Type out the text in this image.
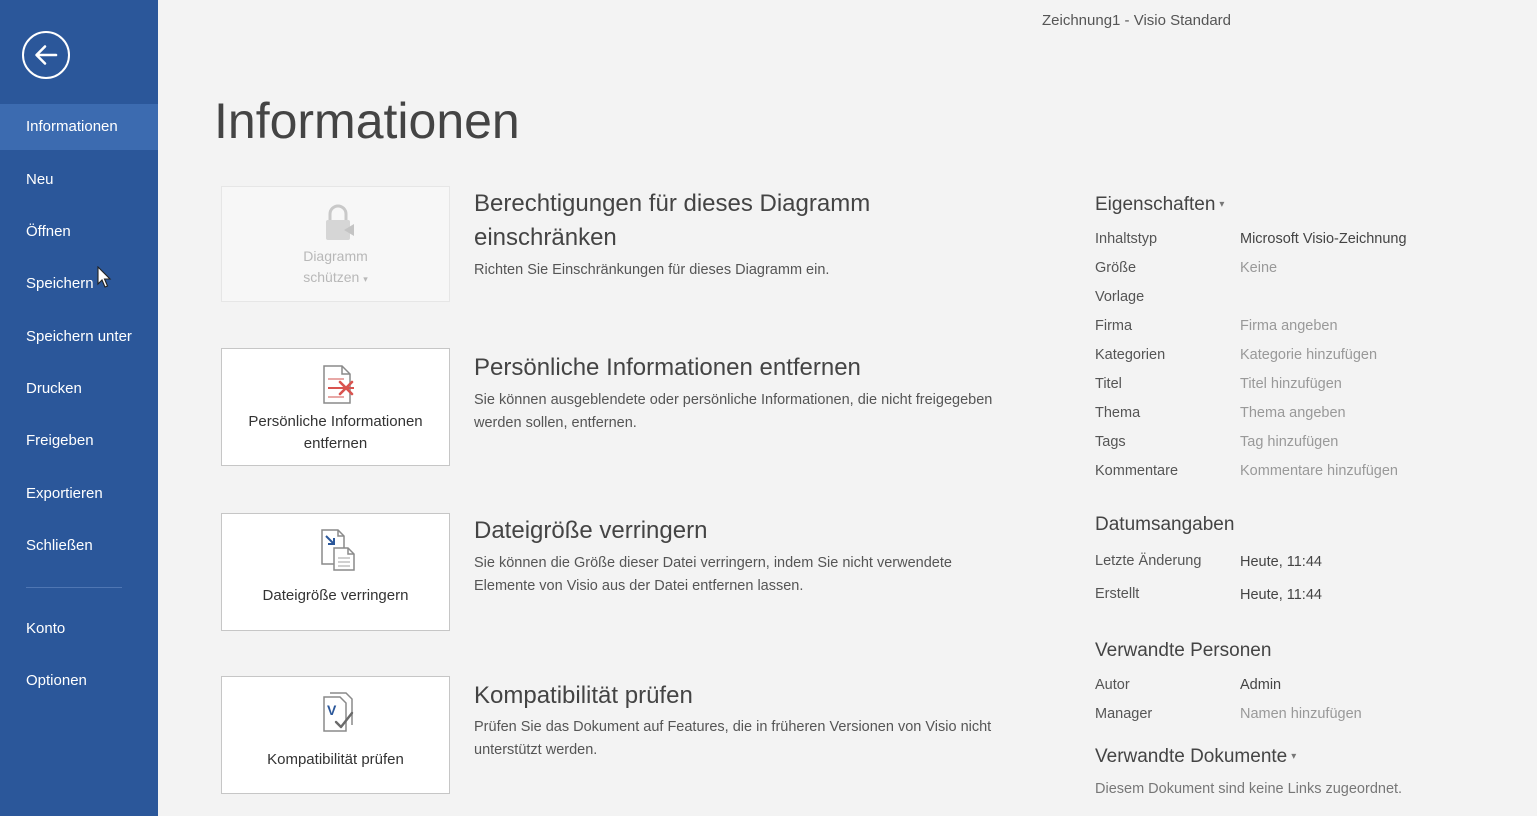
Informationen
Neu
Öffnen
Speichern
Speichern unter
Drucken
Freigeben
Exportieren
Schließen
Konto
Optionen
Zeichnung1 - Visio Standard
Informationen
Diagramm
schützen ▾
Berechtigungen für dieses Diagramm einschränken
Richten Sie Einschränkungen für dieses Diagramm ein.
Persönliche Informationen
entfernen
Persönliche Informationen entfernen
Sie können ausgeblendete oder persönliche Informationen, die nicht freigegeben werden sollen, entfernen.
Dateigröße verringern
Dateigröße verringern
Sie können die Größe dieser Datei verringern, indem Sie nicht verwendete Elemente von Visio aus der Datei entfernen lassen.
V
Kompatibilität prüfen
Kompatibilität prüfen
Prüfen Sie das Dokument auf Features, die in früheren Versionen von Visio nicht unterstützt werden.
Eigenschaften ▾
Inhaltstyp	Microsoft Visio-Zeichnung
Größe	Keine
Vorlage
Firma	Firma angeben
Kategorien	Kategorie hinzufügen
Titel	Titel hinzufügen
Thema	Thema angeben
Tags	Tag hinzufügen
Kommentare	Kommentare hinzufügen
Datumsangaben
Letzte Änderung	Heute, 11:44
Erstellt	Heute, 11:44
Verwandte Personen
Autor	Admin
Manager	Namen hinzufügen
Verwandte Dokumente ▾
Diesem Dokument sind keine Links zugeordnet.
